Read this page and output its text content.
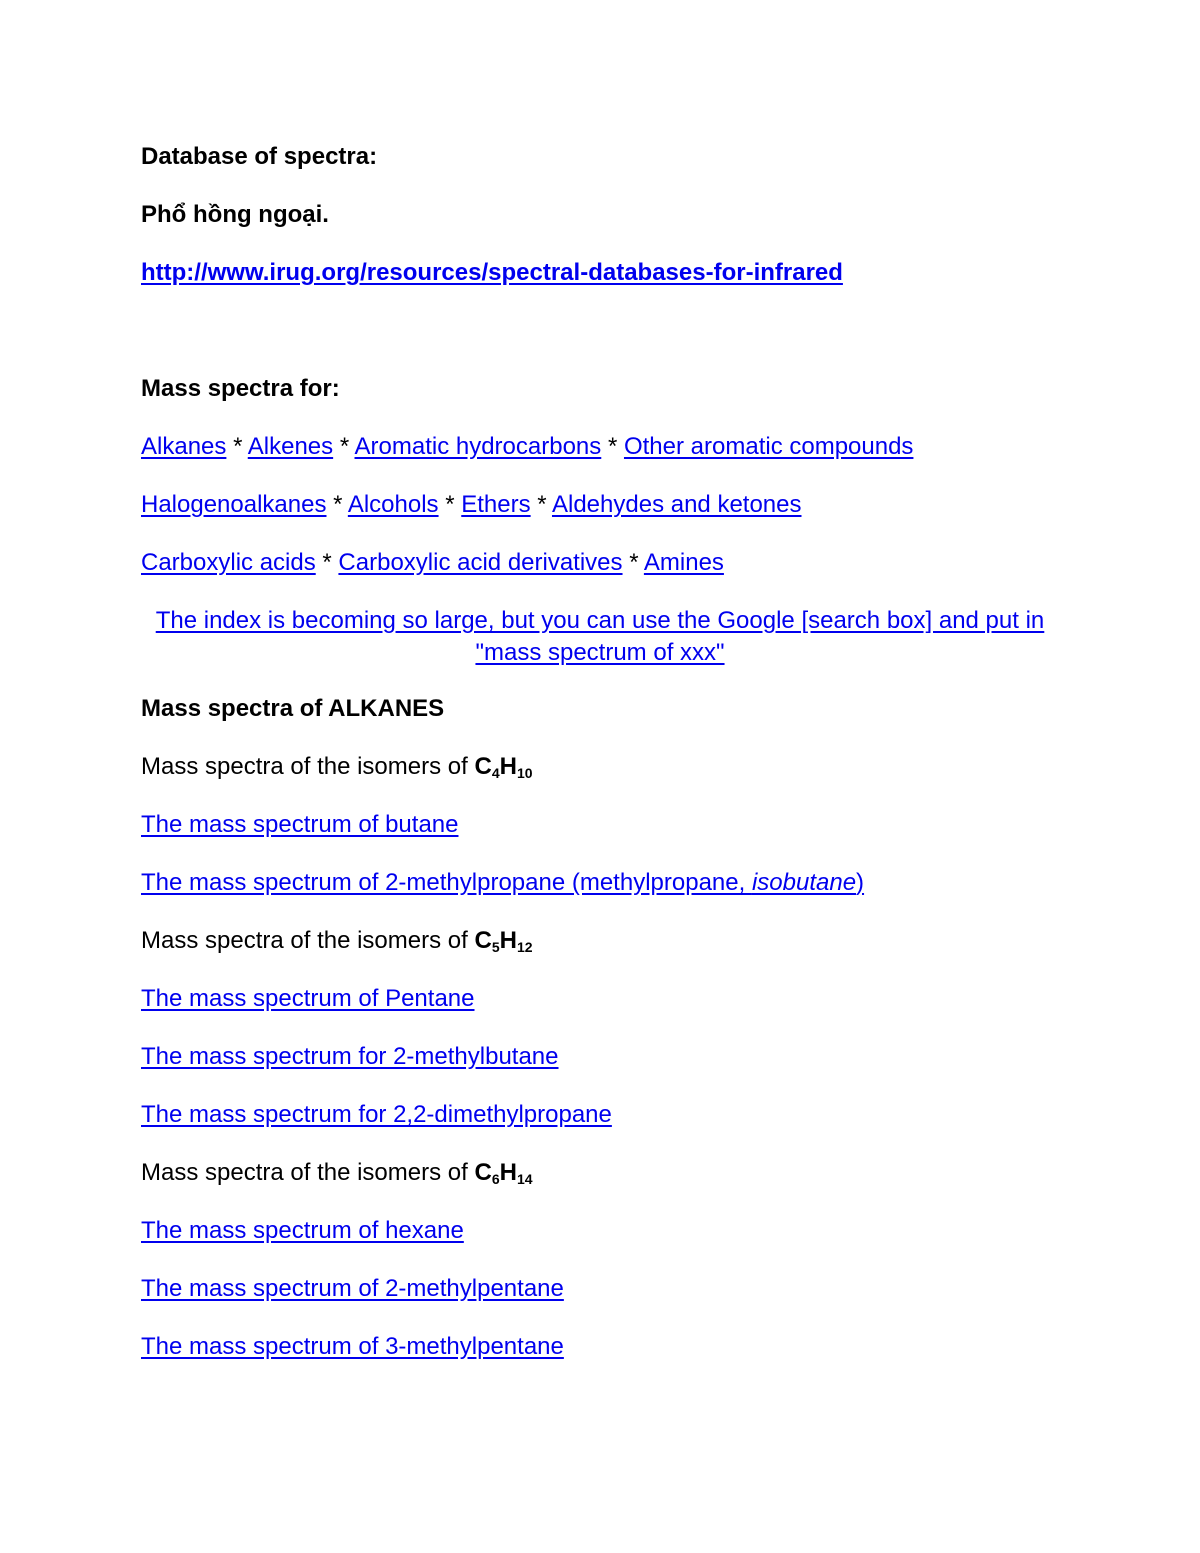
Database of spectra:
Phổ hồng ngoại.
http://www.irug.org/resources/spectral-databases-for-infrared
Mass spectra for:
Alkanes * Alkenes * Aromatic hydrocarbons * Other aromatic compounds
Halogenoalkanes * Alcohols * Ethers * Aldehydes and ketones
Carboxylic acids * Carboxylic acid derivatives * Amines
The index is becoming so large, but you can use the Google [search box] and put in "mass spectrum of xxx"
Mass spectra of ALKANES
Mass spectra of the isomers of $C_4H_{10}$
The mass spectrum of butane
The mass spectrum of 2-methylpropane (methylpropane, isobutane)
Mass spectra of the isomers of $C_5H_{12}$
The mass spectrum of Pentane
The mass spectrum for 2-methylbutane
The mass spectrum for 2,2-dimethylpropane
Mass spectra of the isomers of $C_6H_{14}$
The mass spectrum of hexane
The mass spectrum of 2-methylpentane
The mass spectrum of 3-methylpentane
